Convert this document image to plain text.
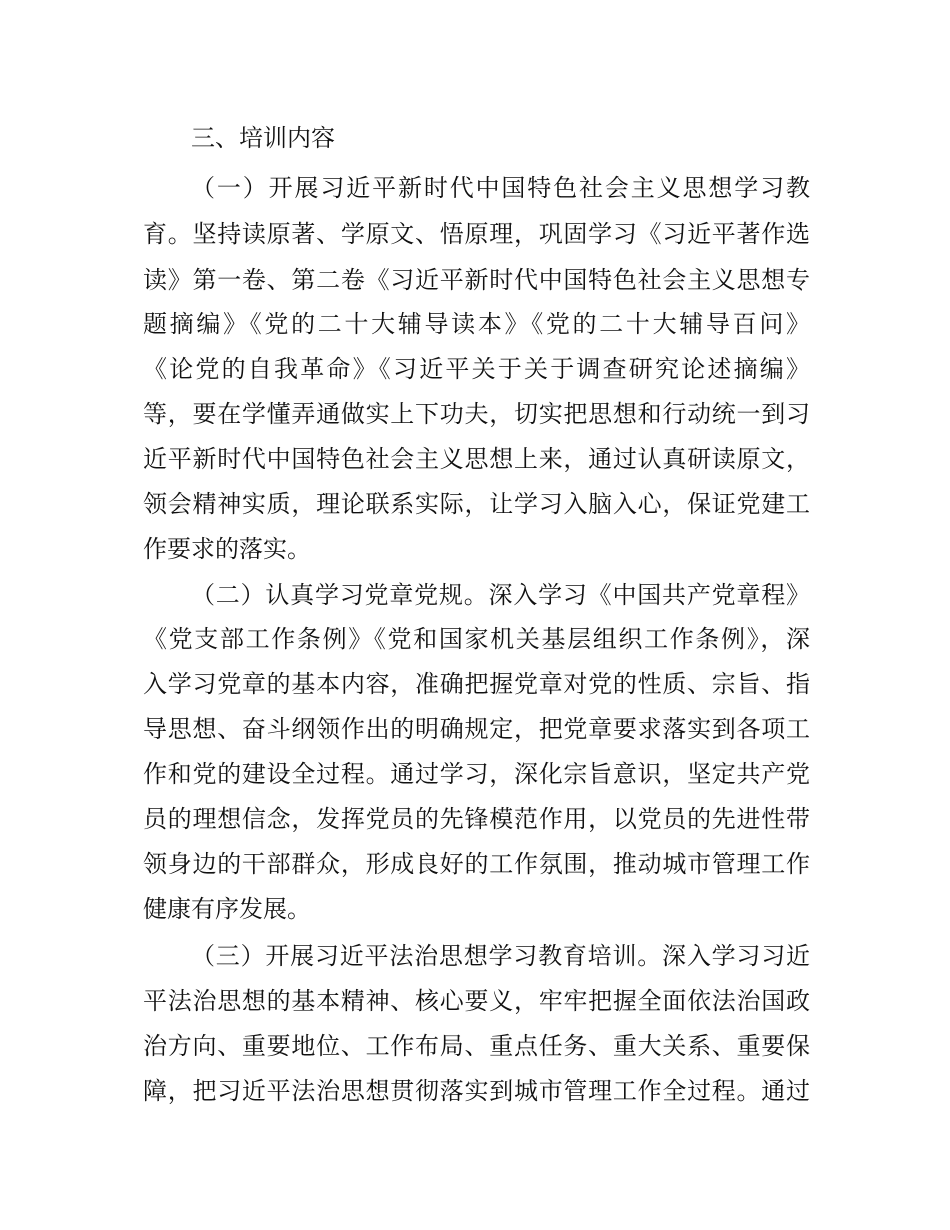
三、培训内容
（一）开展习近平新时代中国特色社会主义思想学习教
育。坚持读原著、学原文、悟原理，巩固学习《习近平著作选
读》第一卷、第二卷《习近平新时代中国特色社会主义思想专
题摘编》《党的二十大辅导读本》《党的二十大辅导百问》
《论党的自我革命》《习近平关于关于调查研究论述摘编》
等，要在学懂弄通做实上下功夫，切实把思想和行动统一到习
近平新时代中国特色社会主义思想上来，通过认真研读原文，
领会精神实质，理论联系实际，让学习入脑入心，保证党建工
作要求的落实。
（二）认真学习党章党规。深入学习《中国共产党章程》
《党支部工作条例》《党和国家机关基层组织工作条例》，深
入学习党章的基本内容，准确把握党章对党的性质、宗旨、指
导思想、奋斗纲领作出的明确规定，把党章要求落实到各项工
作和党的建设全过程。通过学习，深化宗旨意识，坚定共产党
员的理想信念，发挥党员的先锋模范作用，以党员的先进性带
领身边的干部群众，形成良好的工作氛围，推动城市管理工作
健康有序发展。
（三）开展习近平法治思想学习教育培训。深入学习习近
平法治思想的基本精神、核心要义，牢牢把握全面依法治国政
治方向、重要地位、工作布局、重点任务、重大关系、重要保
障，把习近平法治思想贯彻落实到城市管理工作全过程。通过
